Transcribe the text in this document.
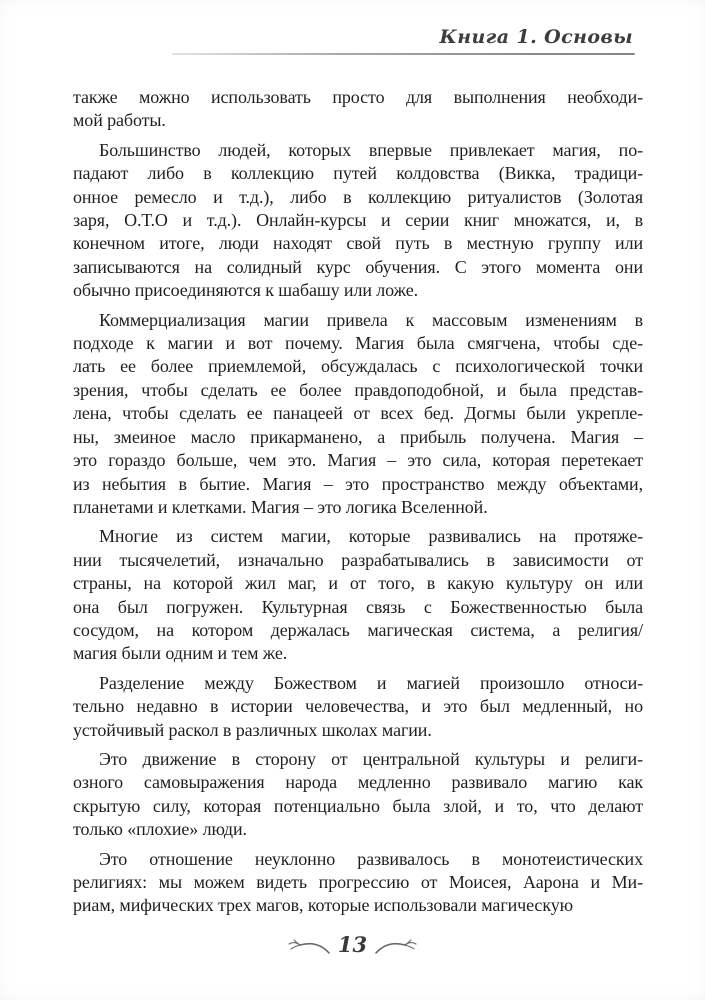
Книга 1. Основы
также можно использовать просто для выполнения необходи-
мой работы.
Большинство людей, которых впервые привлекает магия, по-
падают либо в коллекцию путей колдовства (Викка, традици-
онное ремесло и т.д.), либо в коллекцию ритуалистов (Золотая
заря, О.Т.О и т.д.). Онлайн-курсы и серии книг множатся, и, в
конечном итоге, люди находят свой путь в местную группу или
записываются на солидный курс обучения. С этого момента они
обычно присоединяются к шабашу или ложе.
Коммерциализация магии привела к массовым изменениям в
подходе к магии и вот почему. Магия была смягчена, чтобы сде-
лать ее более приемлемой, обсуждалась с психологической точки
зрения, чтобы сделать ее более правдоподобной, и была представ-
лена, чтобы сделать ее панацеей от всех бед. Догмы были укрепле-
ны, змеиное масло прикарманено, а прибыль получена. Магия –
это гораздо больше, чем это. Магия – это сила, которая перетекает
из небытия в бытие. Магия – это пространство между объектами,
планетами и клетками. Магия – это логика Вселенной.
Многие из систем магии, которые развивались на протяже-
нии тысячелетий, изначально разрабатывались в зависимости от
страны, на которой жил маг, и от того, в какую культуру он или
она был погружен. Культурная связь с Божественностью была
сосудом, на котором держалась магическая система, а религия/
магия были одним и тем же.
Разделение между Божеством и магией произошло относи-
тельно недавно в истории человечества, и это был медленный, но
устойчивый раскол в различных школах магии.
Это движение в сторону от центральной культуры и религи-
озного самовыражения народа медленно развивало магию как
скрытую силу, которая потенциально была злой, и то, что делают
только «плохие» люди.
Это отношение неуклонно развивалось в монотеистических
религиях: мы можем видеть прогрессию от Моисея, Аарона и Ми-
риам, мифических трех магов, которые использовали магическую
13
